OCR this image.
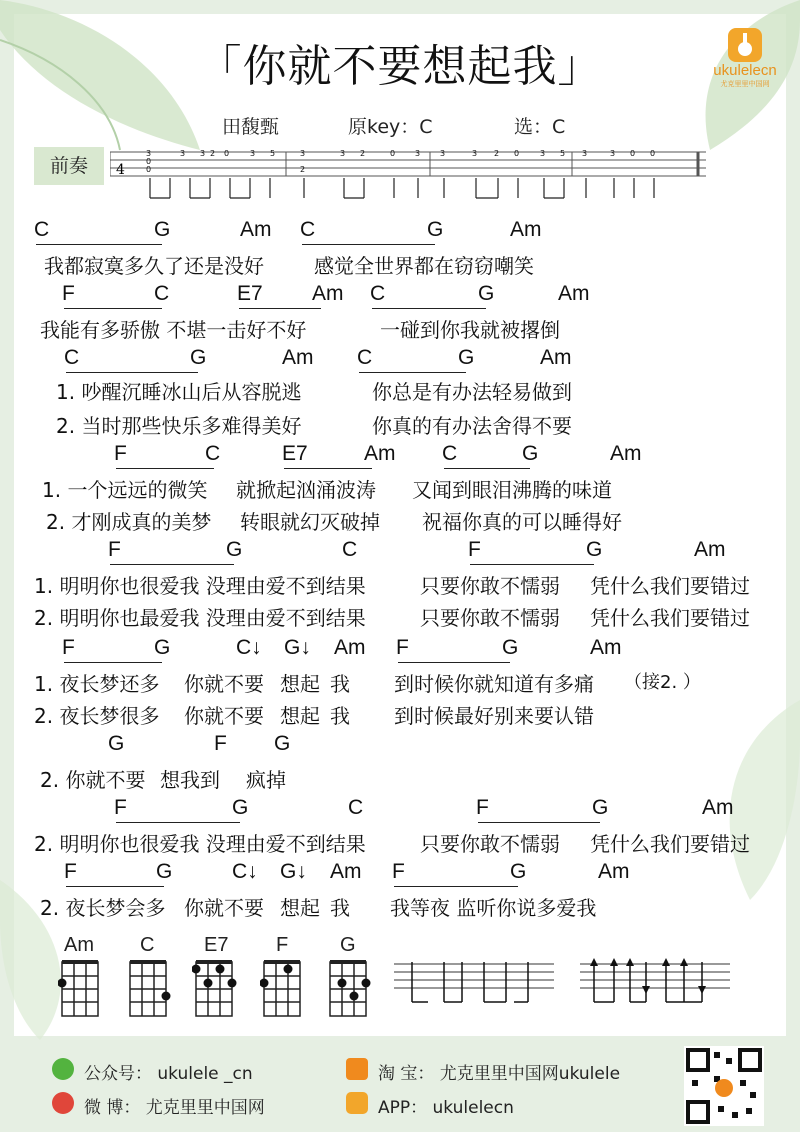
「你就不要想起我」	ukulelecn
尤克里里中国网
田馥甄	原key：C	选：C
前奏	4
3
0
0
3 3 2 0	3 5	3
2
3 2	0 3 3	3 2 0	3 5 3	3 0 0
C	G	Am C	G	Am
我都寂寞多久了还是没好	感觉全世界都在窃窃嘲笑
F	C	E7 Am C	G	Am
我能有多骄傲 不堪一击好不好	一碰到你我就被撂倒
C	G	Am C	G	Am
1. 吵醒沉睡冰山后从容脱逃	你总是有办法轻易做到
2. 当时那些快乐多难得美好	你真的有办法舍得不要
F	C	E7	Am C	G	Am
1. 一个远远的微笑 就掀起汹涌波涛 又闻到眼泪沸腾的味道
2. 才刚成真的美梦 转眼就幻灭破掉 祝福你真的可以睡得好
F	G	C	F	G	Am
1. 明明你也很爱我 没理由爱不到结果	只要你敢不懦弱 凭什么我们要错过
2. 明明你也最爱我 没理由爱不到结果	只要你敢不懦弱 凭什么我们要错过
F	G	C↓ G↓ Am F	G	Am
1. 夜长梦还多 你就不要 想起 我 到时候你就知道有多痛 （接2. ）
2. 夜长梦很多 你就不要 想起 我 到时候最好别来要认错
G	F G
2. 你就不要 想我到 疯掉
F	G	C	F	G	Am
2. 明明你也很爱我 没理由爱不到结果	只要你敢不懦弱 凭什么我们要错过
F	G	C↓ G↓ Am F	G	Am
2. 夜长梦会多 你就不要 想起 我 我等夜 监听你说多爱我
Am C E7 F	G
公众号： ukulele _cn
微 博： 尤克里里中国网
淘 宝： 尤克里里中国网ukulele
APP： ukulelecn
